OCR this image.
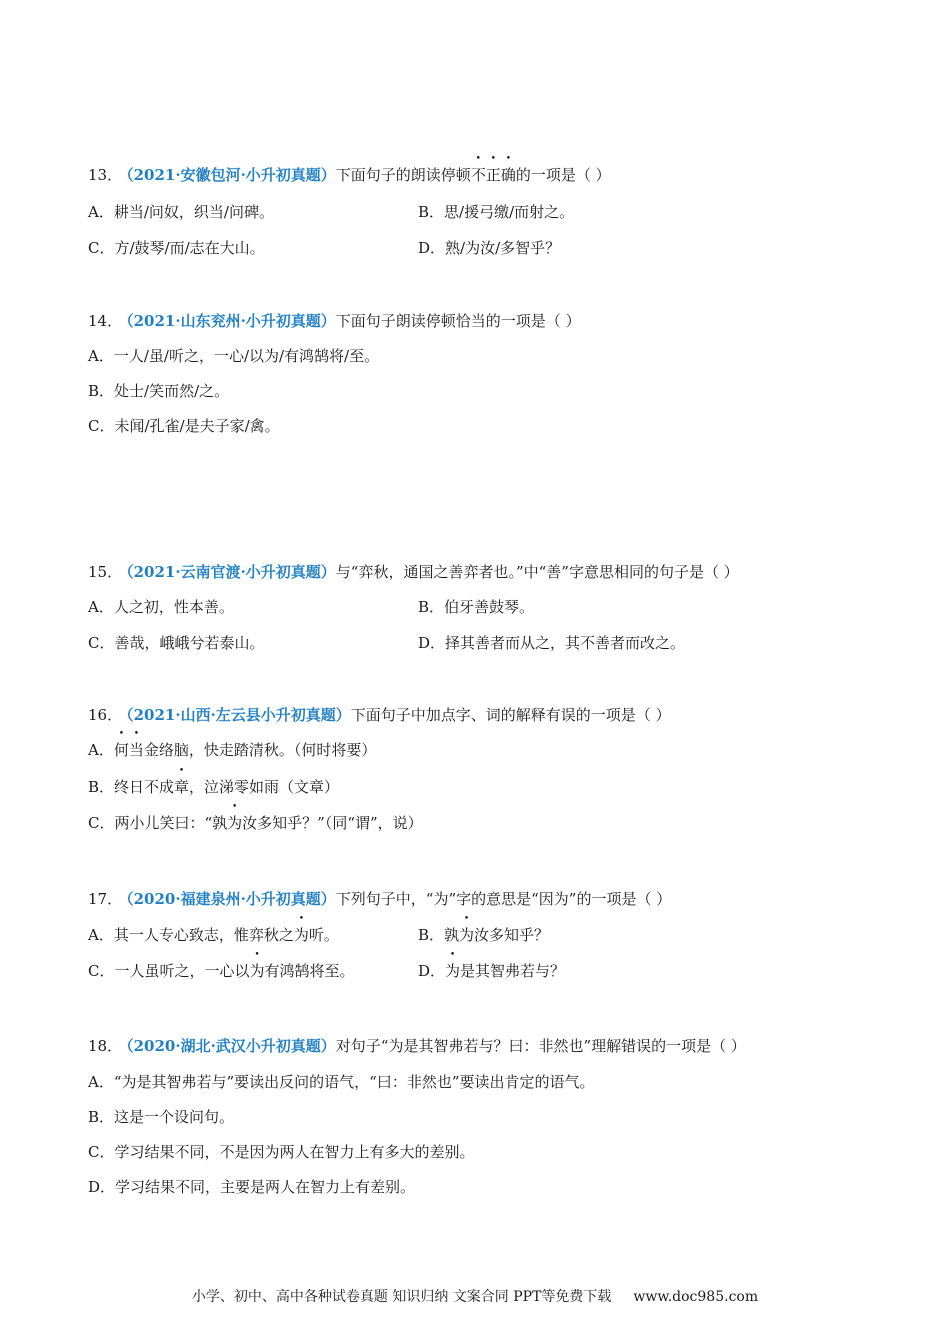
13． （2021·安徽包河·小升初真题）下面句子的朗读停顿不正确的一项是（ ）
A．耕当/问奴，织当/问碑。	B．思/援弓缴/而射之。
C．方/鼓琴/而/志在大山。	D．熟/为汝/多智乎？
14． （2021·山东兖州·小升初真题）下面句子朗读停顿恰当的一项是（ ）
A．一人/虽/听之，一心/以为/有鸿鹄将/至。
B．处士/笑而然/之。
C．未闻/孔雀/是夫子家/禽。
15． （2021·云南官渡·小升初真题）与“弈秋，通国之善弈者也。”中“善”字意思相同的句子是（ ）
A．人之初，性本善。	B．伯牙善鼓琴。
C．善哉，峨峨兮若泰山。	D．择其善者而从之，其不善者而改之。
16． （2021·山西·左云县小升初真题）下面句子中加点字、词的解释有误的一项是（ ）
A．何当金络脑，快走踏清秋。（何时将要）
B．终日不成章，泣涕零如雨（文章）
C．两小儿笑曰：“孰为汝多知乎？”（同“谓”，说）
17． （2020·福建泉州·小升初真题）下列句子中，“为”字的意思是“因为”的一项是（ ）
A．其一人专心致志，惟弈秋之为听。	B．孰为汝多知乎？
C．一人虽听之，一心以为有鸿鹄将至。	D．为是其智弗若与？
18． （2020·湖北·武汉小升初真题）对句子“为是其智弗若与？曰：非然也”理解错误的一项是（ ）
A．“为是其智弗若与”要读出反问的语气，“曰：非然也”要读出肯定的语气。
B．这是一个设问句。
C．学习结果不同，不是因为两人在智力上有多大的差别。
D．学习结果不同，主要是两人在智力上有差别。
小学、初中、高中各种试卷真题 知识归纳 文案合同 PPT等免费下载 www.doc985.com
